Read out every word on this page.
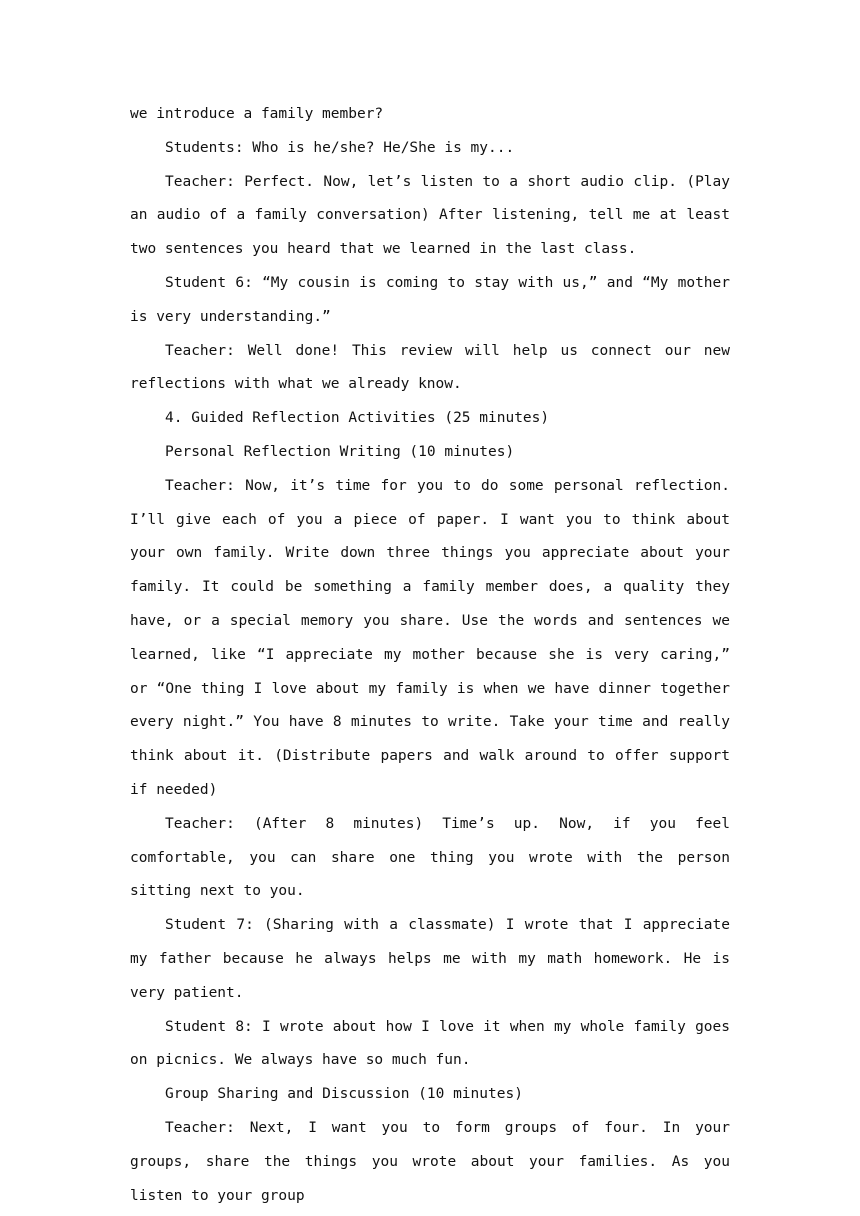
we introduce a family member?

Students: Who is he/she? He/She is my...

Teacher: Perfect. Now, let’s listen to a short audio clip. (Play an audio of a family conversation) After listening, tell me at least two sentences you heard that we learned in the last class.

Student 6: “My cousin is coming to stay with us,” and “My mother is very understanding.”

Teacher: Well done! This review will help us connect our new reflections with what we already know.

4. Guided Reflection Activities (25 minutes)

Personal Reflection Writing (10 minutes)

Teacher: Now, it’s time for you to do some personal reflection. I’ll give each of you a piece of paper. I want you to think about your own family. Write down three things you appreciate about your family. It could be something a family member does, a quality they have, or a special memory you share. Use the words and sentences we learned, like “I appreciate my mother because she is very caring,” or “One thing I love about my family is when we have dinner together every night.” You have 8 minutes to write. Take your time and really think about it. (Distribute papers and walk around to offer support if needed)

Teacher: (After 8 minutes) Time’s up. Now, if you feel comfortable, you can share one thing you wrote with the person sitting next to you.

Student 7: (Sharing with a classmate) I wrote that I appreciate my father because he always helps me with my math homework. He is very patient.

Student 8: I wrote about how I love it when my whole family goes on picnics. We always have so much fun.

Group Sharing and Discussion (10 minutes)

Teacher: Next, I want you to form groups of four. In your groups, share the things you wrote about your families. As you listen to your group
